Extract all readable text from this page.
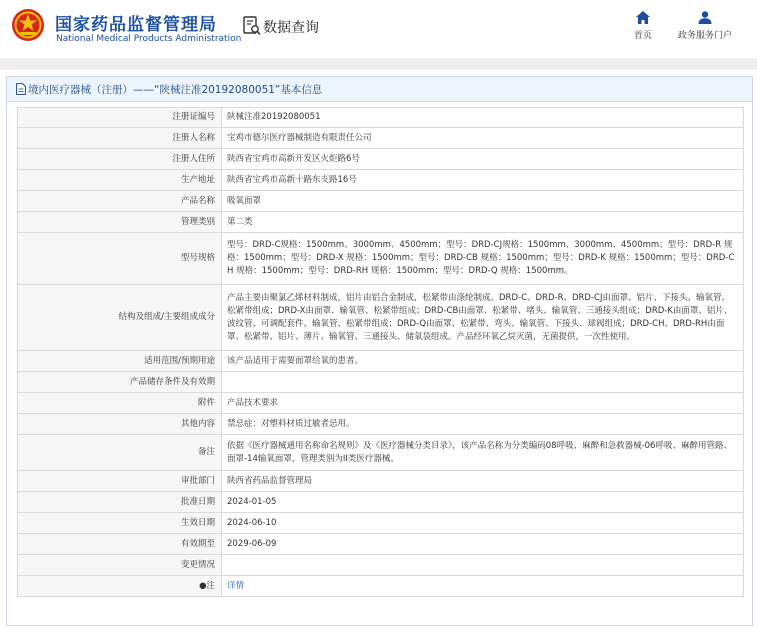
国家药品监督管理局
National Medical Products Administration
数据查询	首页	政务服务门户
境内医疗器械（注册）——“陕械注准20192080051”基本信息
注册证编号	陕械注准20192080051
注册人名称	宝鸡市德尔医疗器械制造有限责任公司
注册人住所	陕西省宝鸡市高新开发区火炬路6号
生产地址	陕西省宝鸡市高新十路东支路16号
产品名称	吸氧面罩
管理类别	第二类
型号规格	型号：DRD-C规格：1500mm、3000mm、4500mm；型号：DRD-CJ规格：1500mm、3000mm、4500mm；型号：DRD-R 规格：1500mm；型号：DRD-X 规格：1500mm；型号：DRD-CB 规格：1500mm；型号：DRD-K 规格：1500mm；型号：DRD-CH 规格：1500mm；型号：DRD-RH 规格：1500mm；型号：DRD-Q 规格：1500mm。
结构及组成/主要组成成分	产品主要由聚氯乙烯材料制成，铝片由铝合金制成，松紧带由涤纶制成。DRD-C、DRD-R、DRD-CJ由面罩、铝片、下接头、输氧管、松紧带组成；DRD-X由面罩、输氧管、松紧带组成；DRD-CB由面罩、松紧带、堵头、输氧管、三通接头组成；DRD-K由面罩、铝片、波纹管、可调配套件、输氧管、松紧带组成；DRD-Q由面罩、松紧带、弯头、输氧管、下接头、球阀组成；DRD-CH、DRD-RH由面罩、松紧带、铝片、薄片、输氧管、三通接头、储氧袋组成。产品经环氧乙烷灭菌，无菌提供，一次性使用。
适用范围/预期用途	该产品适用于需要面罩给氧的患者。
产品储存条件及有效期	
附件	产品技术要求
其他内容	禁忌症：对塑料材质过敏者忌用。
备注	依据《医疗器械通用名称命名规则》及《医疗器械分类目录》，该产品名称为分类编码08呼吸、麻醉和急救器械-06呼吸、麻醉用管路、面罩-14输氧面罩，管理类别为II类医疗器械。
审批部门	陕西省药品监督管理局
批准日期	2024-01-05
生效日期	2024-06-10
有效期至	2029-06-09
变更情况	
●注	详情
